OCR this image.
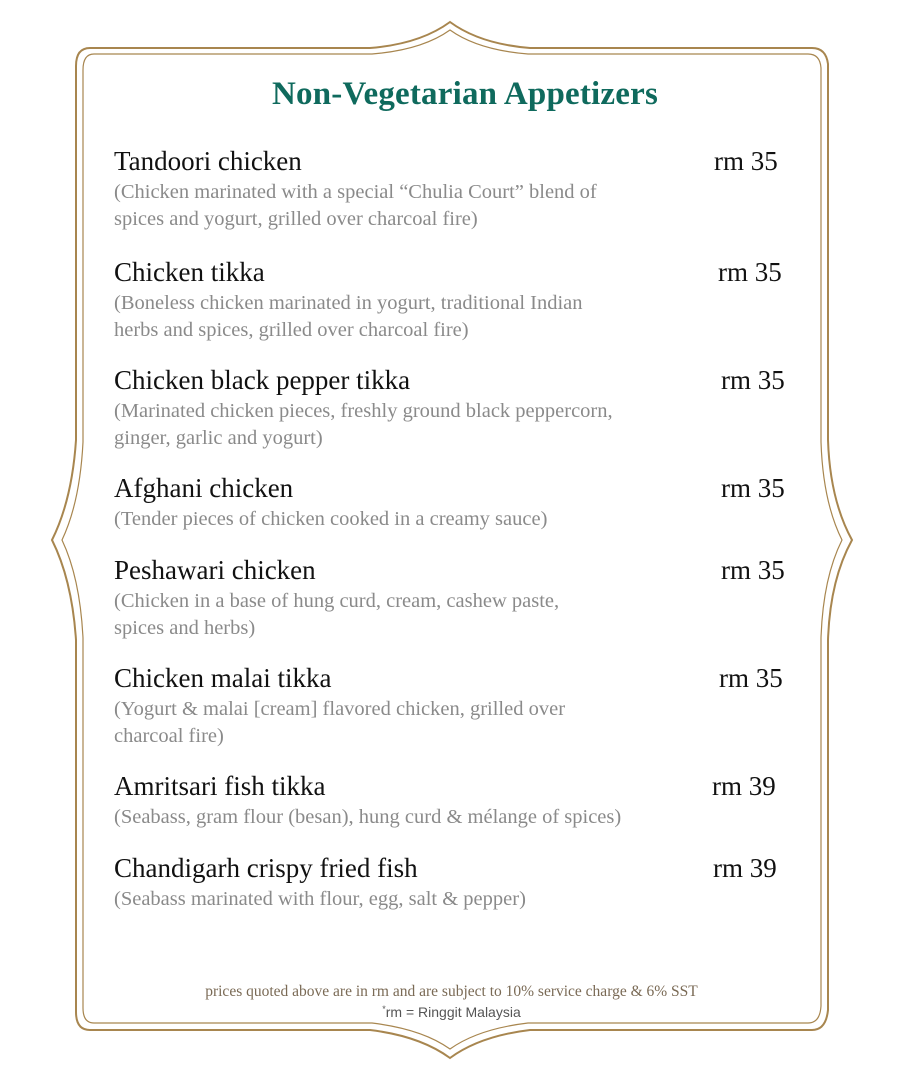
Non-Vegetarian Appetizers
Tandoori chicken	rm 35
(Chicken marinated with a special “Chulia Court” blend of
spices and yogurt, grilled over charcoal fire)
Chicken tikka	rm 35
(Boneless chicken marinated in yogurt, traditional Indian
herbs and spices, grilled over charcoal fire)
Chicken black pepper tikka	rm 35
(Marinated chicken pieces, freshly ground black peppercorn,
ginger, garlic and yogurt)
Afghani chicken	rm 35
(Tender pieces of chicken cooked in a creamy sauce)
Peshawari chicken	rm 35
(Chicken in a base of hung curd, cream, cashew paste,
spices and herbs)
Chicken malai tikka	rm 35
(Yogurt & malai [cream] flavored chicken, grilled over
charcoal fire)
Amritsari fish tikka	rm 39
(Seabass, gram flour (besan), hung curd & mélange of spices)
Chandigarh crispy fried fish	rm 39
(Seabass marinated with flour, egg, salt & pepper)
prices quoted above are in rm and are subject to 10% service charge & 6% SST
*rm = Ringgit Malaysia
